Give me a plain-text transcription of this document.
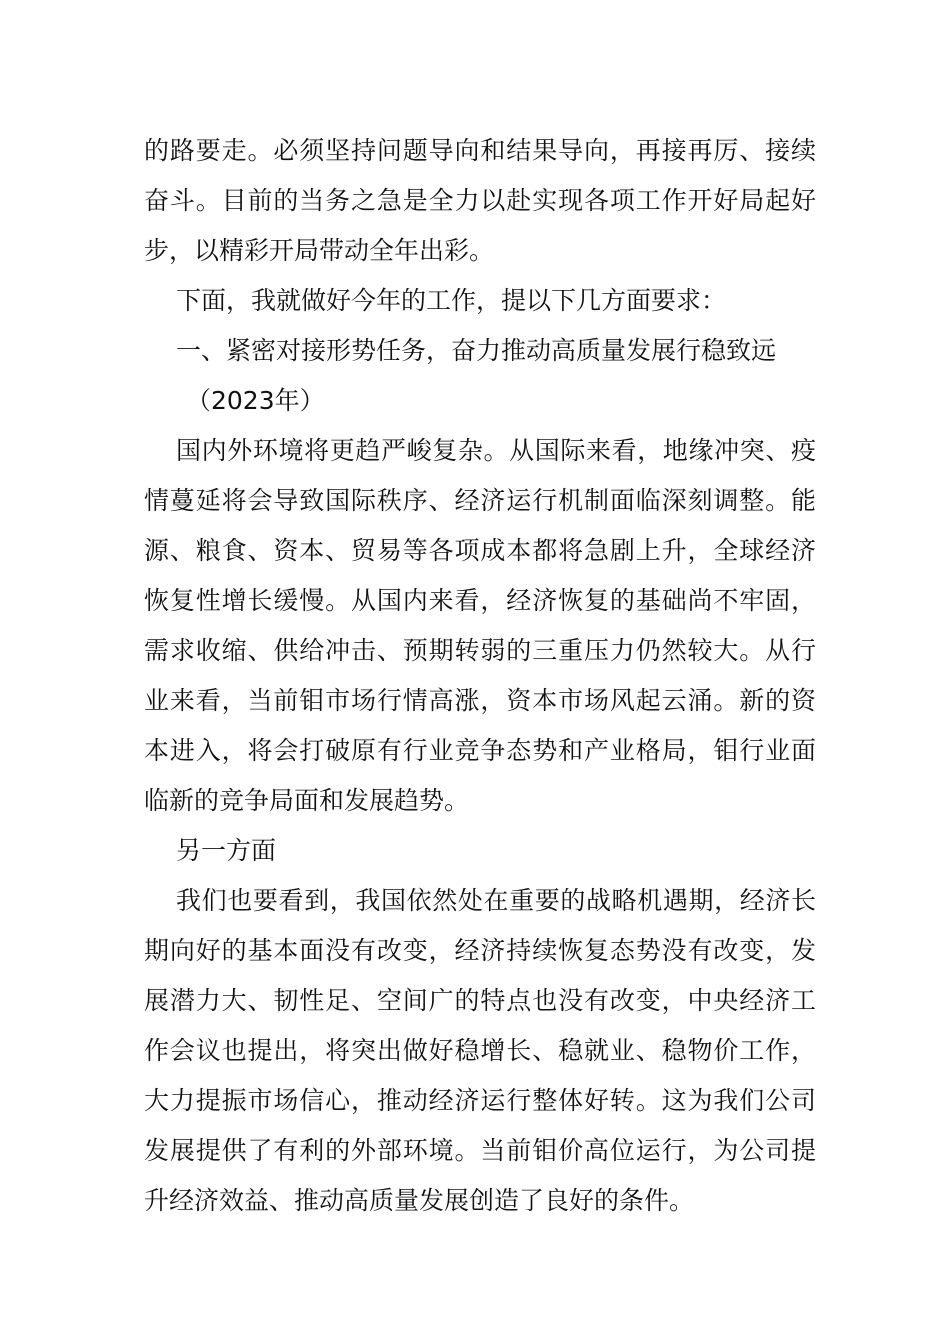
的路要走。必须坚持问题导向和结果导向，再接再厉、接续奋斗。目前的当务之急是全力以赴实现各项工作开好局起好步，以精彩开局带动全年出彩。

下面，我就做好今年的工作，提以下几方面要求：

一、紧密对接形势任务，奋力推动高质量发展行稳致远

（2023年）

国内外环境将更趋严峻复杂。从国际来看，地缘冲突、疫情蔓延将会导致国际秩序、经济运行机制面临深刻调整。能源、粮食、资本、贸易等各项成本都将急剧上升，全球经济恢复性增长缓慢。从国内来看，经济恢复的基础尚不牢固，需求收缩、供给冲击、预期转弱的三重压力仍然较大。从行业来看，当前钼市场行情高涨，资本市场风起云涌。新的资本进入，将会打破原有行业竞争态势和产业格局，钼行业面临新的竞争局面和发展趋势。

另一方面

我们也要看到，我国依然处在重要的战略机遇期，经济长期向好的基本面没有改变，经济持续恢复态势没有改变，发展潜力大、韧性足、空间广的特点也没有改变，中央经济工作会议也提出，将突出做好稳增长、稳就业、稳物价工作，大力提振市场信心，推动经济运行整体好转。这为我们公司发展提供了有利的外部环境。当前钼价高位运行，为公司提升经济效益、推动高质量发展创造了良好的条件。
